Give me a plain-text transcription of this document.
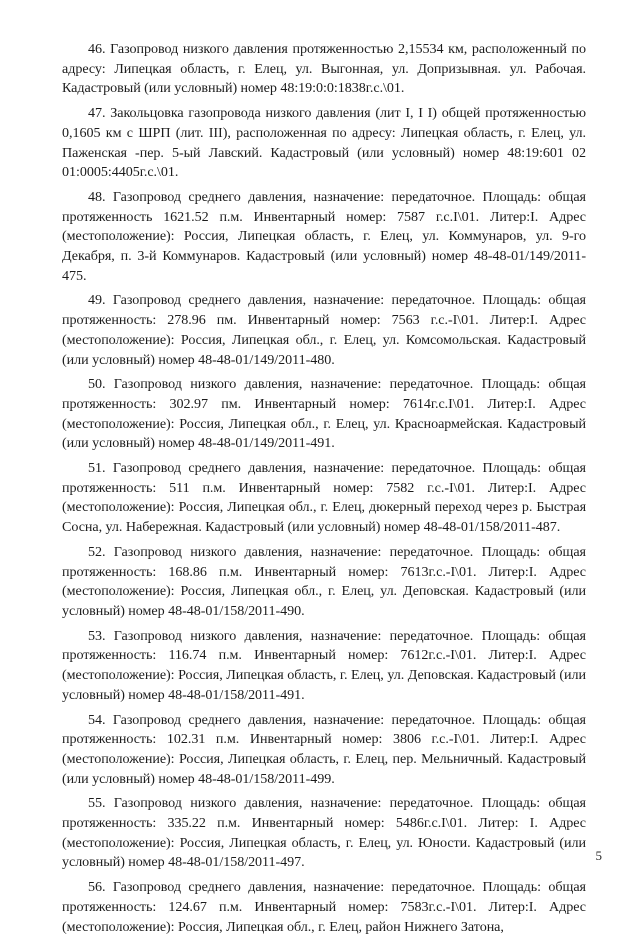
46. Газопровод низкого давления протяженностью 2,15534 км, расположенный по адресу: Липецкая область, г. Елец, ул. Выгонная, ул. Допризывная. ул. Рабочая. Кадастровый (или условный) номер 48:19:0:0:1838г.с.\01.

47. Закольцовка газопровода низкого давления (лит I, I I) общей протяженностью 0,1605 км с ШРП (лит. III), расположенная по адресу: Липецкая область, г. Елец, ул. Паженская -пер. 5-ый Лавский. Кадастровый (или условный) номер 48:19:601 02 01:0005:4405г.с.\01.

48. Газопровод среднего давления, назначение: передаточное. Площадь: общая протяженность 1621.52 п.м. Инвентарный номер: 7587 г.с.I\01. Литер:I. Адрес (местоположение): Россия, Липецкая область, г. Елец, ул. Коммунаров, ул. 9-го Декабря, п. 3-й Коммунаров. Кадастровый (или условный) номер 48-48-01/149/2011-475.

49. Газопровод среднего давления, назначение: передаточное. Площадь: общая протяженность: 278.96 пм. Инвентарный номер: 7563 г.с.-I\01. Литер:I. Адрес (местоположение): Россия, Липецкая обл., г. Елец, ул. Комсомольская. Кадастровый (или условный) номер 48-48-01/149/2011-480.

50. Газопровод низкого давления, назначение: передаточное. Площадь: общая протяженность: 302.97 пм. Инвентарный номер: 7614г.с.I\01. Литер:I. Адрес (местоположение): Россия, Липецкая обл., г. Елец, ул. Красноармейская. Кадастровый (или условный) номер 48-48-01/149/2011-491.

51. Газопровод среднего давления, назначение: передаточное. Площадь: общая протяженность: 511 п.м. Инвентарный номер: 7582 г.с.-I\01. Литер:I. Адрес (местоположение): Россия, Липецкая обл., г. Елец, дюкерный переход через р. Быстрая Сосна, ул. Набережная. Кадастровый (или условный) номер 48-48-01/158/2011-487.

52. Газопровод низкого давления, назначение: передаточное. Площадь: общая протяженность: 168.86 п.м. Инвентарный номер: 7613г.с.-I\01. Литер:I. Адрес (местоположение): Россия, Липецкая обл., г. Елец, ул. Деповская. Кадастровый (или условный) номер 48-48-01/158/2011-490.

53. Газопровод низкого давления, назначение: передаточное. Площадь: общая протяженность: 116.74 п.м. Инвентарный номер: 7612г.с.-I\01. Литер:I. Адрес (местоположение): Россия, Липецкая область, г. Елец, ул. Деповская. Кадастровый (или условный) номер 48-48-01/158/2011-491.

54. Газопровод среднего давления, назначение: передаточное. Площадь: общая протяженность: 102.31 п.м. Инвентарный номер: 3806 г.с.-I\01. Литер:I. Адрес (местоположение): Россия, Липецкая область, г. Елец, пер. Мельничный. Кадастровый (или условный) номер 48-48-01/158/2011-499.

55. Газопровод низкого давления, назначение: передаточное. Площадь: общая протяженность: 335.22 п.м. Инвентарный номер: 5486г.с.I\01. Литер: I. Адрес (местоположение): Россия, Липецкая область, г. Елец, ул. Юности. Кадастровый (или условный) номер 48-48-01/158/2011-497.

56. Газопровод среднего давления, назначение: передаточное. Площадь: общая протяженность: 124.67 п.м. Инвентарный номер: 7583г.с.-I\01. Литер:I. Адрес (местоположение): Россия, Липецкая обл., г. Елец, район Нижнего Затона,

5
